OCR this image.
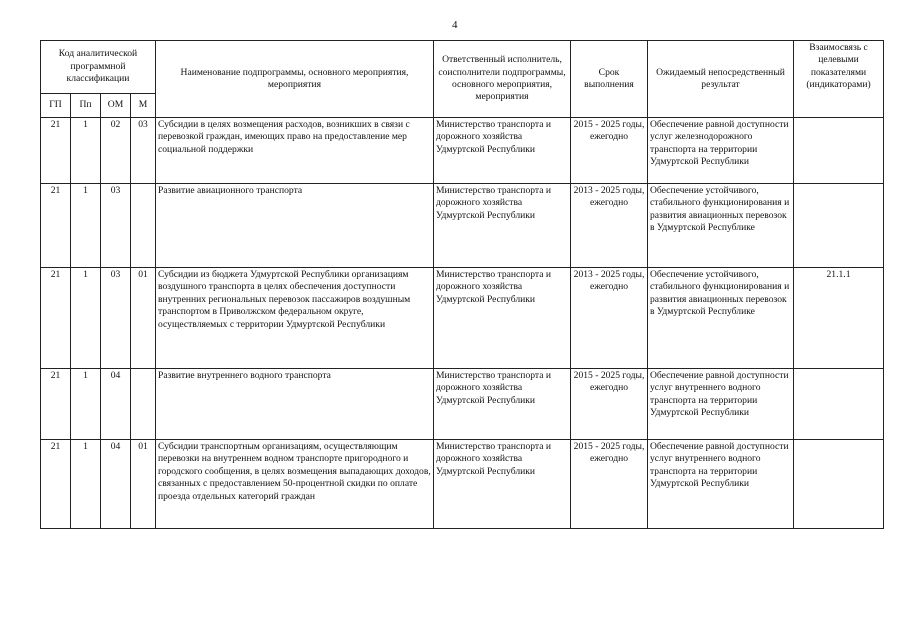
4
Код аналитической программной классификации				Наименование подпрограммы, основного мероприятия, мероприятия	Ответственный исполнитель, соисполнители подпрограммы, основного мероприятия, мероприятия	Срок выполнения	Ожидаемый непосредственный результат	Взаимосвязь с целевыми показателями (индикаторами)
ГП	Пп	ОМ	М					
21	1	02	03	Субсидии в целях возмещения расходов, возникших в связи с перевозкой граждан, имеющих право на предоставление мер социальной поддержки	Министерство транспорта и дорожного хозяйства Удмуртской Республики	2015 - 2025 годы, ежегодно	Обеспечение равной доступности услуг железнодорожного транспорта на территории Удмуртской Республики	
21	1	03		Развитие авиационного транспорта	Министерство транспорта и дорожного хозяйства Удмуртской Республики	2013 - 2025 годы, ежегодно	Обеспечение устойчивого, стабильного функционирования и развития авиационных перевозок в Удмуртской Республике	
21	1	03	01	Субсидии из бюджета Удмуртской Республики организациям воздушного транспорта в целях обеспечения доступности внутренних региональных перевозок пассажиров воздушным транспортом в Приволжском федеральном округе, осуществляемых с территории Удмуртской Республики	Министерство транспорта и дорожного хозяйства Удмуртской Республики	2013 - 2025 годы, ежегодно	Обеспечение устойчивого, стабильного функционирования и развития авиационных перевозок в Удмуртской Республике	21.1.1
21	1	04		Развитие внутреннего водного транспорта	Министерство транспорта и дорожного хозяйства Удмуртской Республики	2015 - 2025 годы, ежегодно	Обеспечение равной доступности услуг внутреннего водного транспорта на территории Удмуртской Республики	
21	1	04	01	Субсидии транспортным организациям, осуществляющим перевозки на внутреннем водном транспорте пригородного и городского сообщения, в целях возмещения выпадающих доходов, связанных с предоставлением 50-процентной скидки по оплате проезда отдельных категорий граждан	Министерство транспорта и дорожного хозяйства Удмуртской Республики	2015 - 2025 годы, ежегодно	Обеспечение равной доступности услуг внутреннего водного транспорта на территории Удмуртской Республики	
